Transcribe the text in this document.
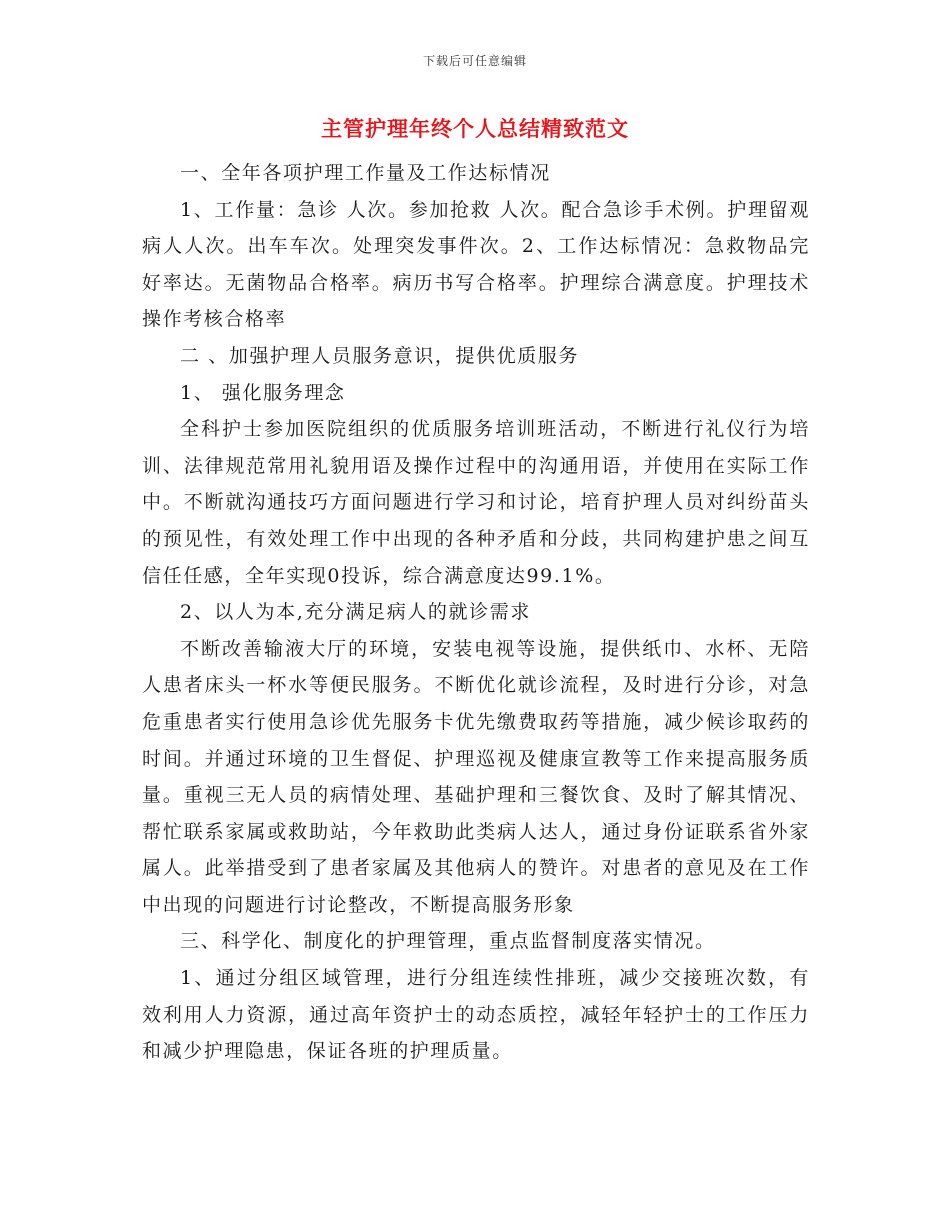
下载后可任意编辑
主管护理年终个人总结精致范文

一、全年各项护理工作量及工作达标情况

1、工作量：急诊 人次。参加抢救 人次。配合急诊手术例。护理留观病人人次。出车车次。处理突发事件次。2、工作达标情况：急救物品完好率达。无菌物品合格率。病历书写合格率。护理综合满意度。护理技术操作考核合格率

二 、加强护理人员服务意识，提供优质服务

1、 强化服务理念

全科护士参加医院组织的优质服务培训班活动，不断进行礼仪行为培训、法律规范常用礼貌用语及操作过程中的沟通用语，并使用在实际工作中。不断就沟通技巧方面问题进行学习和讨论，培育护理人员对纠纷苗头的预见性，有效处理工作中出现的各种矛盾和分歧，共同构建护患之间互信任任感，全年实现0投诉，综合满意度达99.1%。

2、以人为本,充分满足病人的就诊需求

不断改善输液大厅的环境，安装电视等设施，提供纸巾、水杯、无陪人患者床头一杯水等便民服务。不断优化就诊流程，及时进行分诊，对急危重患者实行使用急诊优先服务卡优先缴费取药等措施，减少候诊取药的时间。并通过环境的卫生督促、护理巡视及健康宣教等工作来提高服务质量。重视三无人员的病情处理、基础护理和三餐饮食、及时了解其情况、帮忙联系家属或救助站，今年救助此类病人达人，通过身份证联系省外家属人。此举措受到了患者家属及其他病人的赞许。对患者的意见及在工作中出现的问题进行讨论整改，不断提高服务形象

三、科学化、制度化的护理管理，重点监督制度落实情况。

1、通过分组区域管理，进行分组连续性排班，减少交接班次数，有效利用人力资源，通过高年资护士的动态质控，减轻年轻护士的工作压力和减少护理隐患，保证各班的护理质量。
